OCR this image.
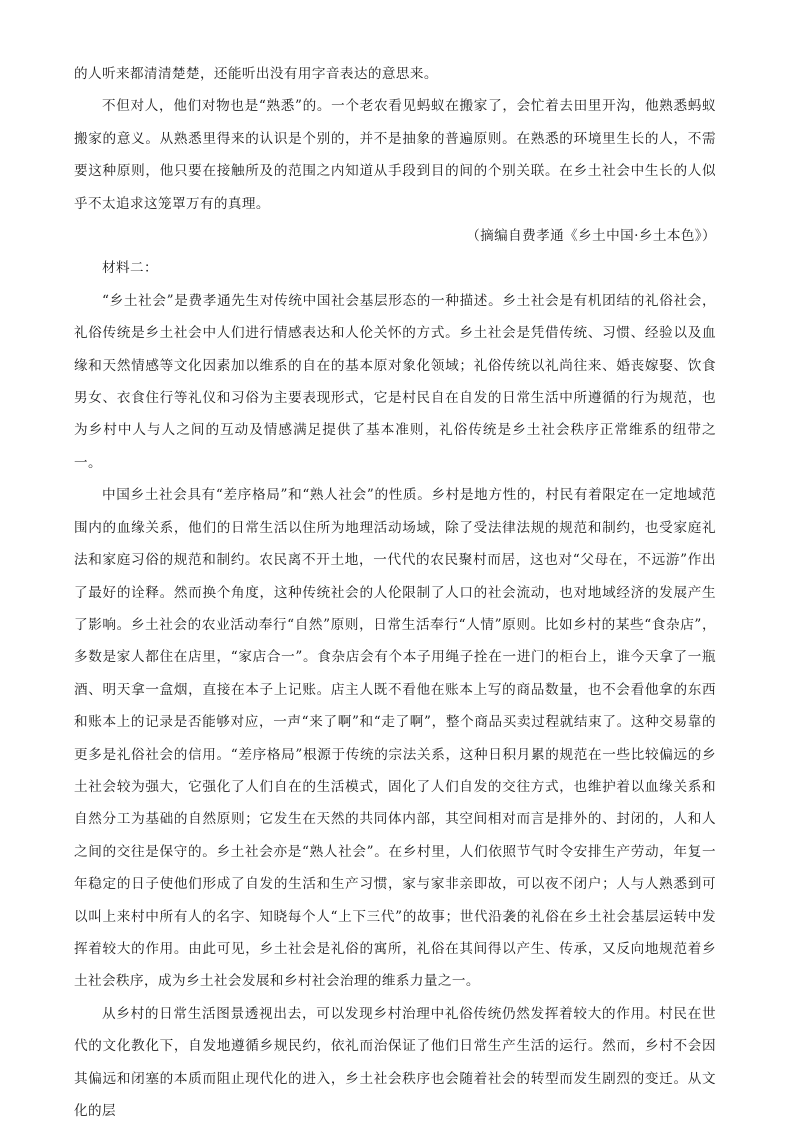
的人听来都清清楚楚，还能听出没有用字音表达的意思来。

不但对人，他们对物也是“熟悉”的。一个老农看见蚂蚁在搬家了，会忙着去田里开沟，他熟悉蚂蚁搬家的意义。从熟悉里得来的认识是个别的，并不是抽象的普遍原则。在熟悉的环境里生长的人，不需要这种原则，他只要在接触所及的范围之内知道从手段到目的间的个别关联。在乡土社会中生长的人似乎不太追求这笼罩万有的真理。

（摘编自费孝通《乡土中国·乡土本色》）

材料二：

“乡土社会”是费孝通先生对传统中国社会基层形态的一种描述。乡土社会是有机团结的礼俗社会，礼俗传统是乡土社会中人们进行情感表达和人伦关怀的方式。乡土社会是凭借传统、习惯、经验以及血缘和天然情感等文化因素加以维系的自在的基本原对象化领域；礼俗传统以礼尚往来、婚丧嫁娶、饮食男女、衣食住行等礼仪和习俗为主要表现形式，它是村民自在自发的日常生活中所遵循的行为规范，也为乡村中人与人之间的互动及情感满足提供了基本准则，礼俗传统是乡土社会秩序正常维系的纽带之一。

中国乡土社会具有“差序格局”和“熟人社会”的性质。乡村是地方性的，村民有着限定在一定地域范围内的血缘关系，他们的日常生活以住所为地理活动场域，除了受法律法规的规范和制约，也受家庭礼法和家庭习俗的规范和制约。农民离不开土地，一代代的农民聚村而居，这也对“父母在，不远游”作出了最好的诠释。然而换个角度，这种传统社会的人伦限制了人口的社会流动，也对地域经济的发展产生了影响。乡土社会的农业活动奉行“自然”原则，日常生活奉行“人情”原则。比如乡村的某些“食杂店”，多数是家人都住在店里，“家店合一”。食杂店会有个本子用绳子拴在一进门的柜台上，谁今天拿了一瓶酒、明天拿一盒烟，直接在本子上记账。店主人既不看他在账本上写的商品数量，也不会看他拿的东西和账本上的记录是否能够对应，一声“来了啊”和“走了啊”，整个商品买卖过程就结束了。这种交易靠的更多是礼俗社会的信用。“差序格局”根源于传统的宗法关系，这种日积月累的规范在一些比较偏远的乡土社会较为强大，它强化了人们自在的生活模式，固化了人们自发的交往方式，也维护着以血缘关系和自然分工为基础的自然原则；它发生在天然的共同体内部，其空间相对而言是排外的、封闭的，人和人之间的交往是保守的。乡土社会亦是“熟人社会”。在乡村里，人们依照节气时令安排生产劳动，年复一年稳定的日子使他们形成了自发的生活和生产习惯，家与家非亲即故，可以夜不闭户；人与人熟悉到可以叫上来村中所有人的名字、知晓每个人“上下三代”的故事；世代沿袭的礼俗在乡土社会基层运转中发挥着较大的作用。由此可见，乡土社会是礼俗的寓所，礼俗在其间得以产生、传承，又反向地规范着乡土社会秩序，成为乡土社会发展和乡村社会治理的维系力量之一。

从乡村的日常生活图景透视出去，可以发现乡村治理中礼俗传统仍然发挥着较大的作用。村民在世代的文化教化下，自发地遵循乡规民约，依礼而治保证了他们日常生产生活的运行。然而，乡村不会因其偏远和闭塞的本质而阻止现代化的进入，乡土社会秩序也会随着社会的转型而发生剧烈的变迁。从文化的层
